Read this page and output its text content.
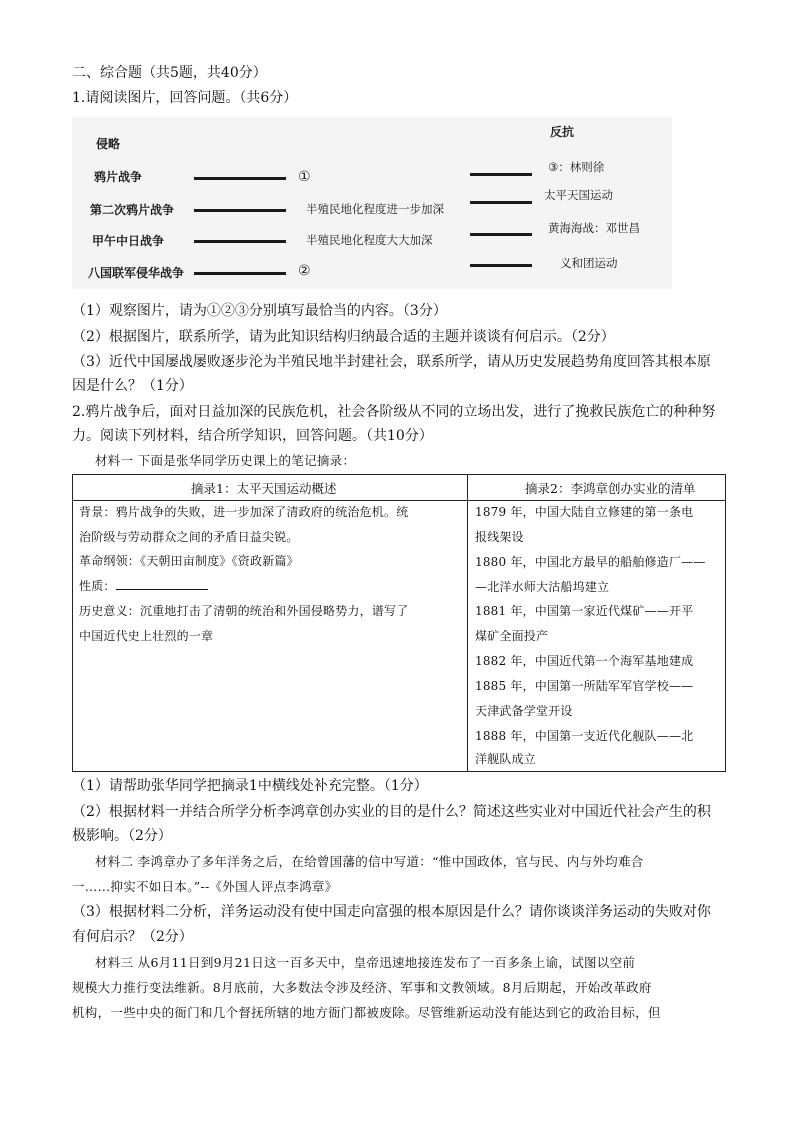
二、综合题（共5题，共40分）
1.请阅读图片，回答问题。（共6分）
侵略
反抗
鸦片战争
第二次鸦片战争
甲午中日战争
八国联军侵华战争
①
半殖民地化程度进一步加深
半殖民地化程度大大加深
②
③：林则徐
太平天国运动
黄海海战：邓世昌
义和团运动
（1）观察图片，请为①②③分别填写最恰当的内容。（3分）
（2）根据图片，联系所学，请为此知识结构归纳最合适的主题并谈谈有何启示。（2分）
（3）近代中国屡战屡败逐步沦为半殖民地半封建社会，联系所学，请从历史发展趋势角度回答其根本原
因是什么？（1分）
2.鸦片战争后，面对日益加深的民族危机，社会各阶级从不同的立场出发，进行了挽救民族危亡的种种努
力。阅读下列材料，结合所学知识，回答问题。（共10分）
材料一 下面是张华同学历史课上的笔记摘录：
摘录1：太平天国运动概述	摘录2：李鸿章创办实业的清单
背景：鸦片战争的失败，进一步加深了清政府的统治危机。统
治阶级与劳动群众之间的矛盾日益尖锐。
革命纲领：《天朝田亩制度》《资政新篇》
性质：
历史意义：沉重地打击了清朝的统治和外国侵略势力，谱写了
中国近代史上壮烈的一章
1879 年，中国大陆自立修建的第一条电
报线架设
1880 年，中国北方最早的船舶修造厂——
—北洋水师大沽船坞建立
1881 年，中国第一家近代煤矿——开平
煤矿全面投产
1882 年，中国近代第一个海军基地建成
1885 年，中国第一所陆军军官学校——
天津武备学堂开设
1888 年，中国第一支近代化舰队——北
洋舰队成立
（1）请帮助张华同学把摘录1中横线处补充完整。（1分）
（2）根据材料一并结合所学分析李鸿章创办实业的目的是什么？简述这些实业对中国近代社会产生的积
极影响。（2分）
材料二 李鸿章办了多年洋务之后，在给曾国藩的信中写道：“惟中国政体，官与民、内与外均难合
一……抑实不如日本。”--《外国人评点李鸿章》
（3）根据材料二分析，洋务运动没有使中国走向富强的根本原因是什么？请你谈谈洋务运动的失败对你
有何启示？（2分）
材料三 从6月11日到9月21日这一百多天中，皇帝迅速地接连发布了一百多条上谕，试图以空前
规模大力推行变法维新。8月底前，大多数法令涉及经济、军事和文教领域。8月后期起，开始改革政府
机构，一些中央的衙门和几个督抚所辖的地方衙门都被废除。尽管维新运动没有能达到它的政治目标，但
